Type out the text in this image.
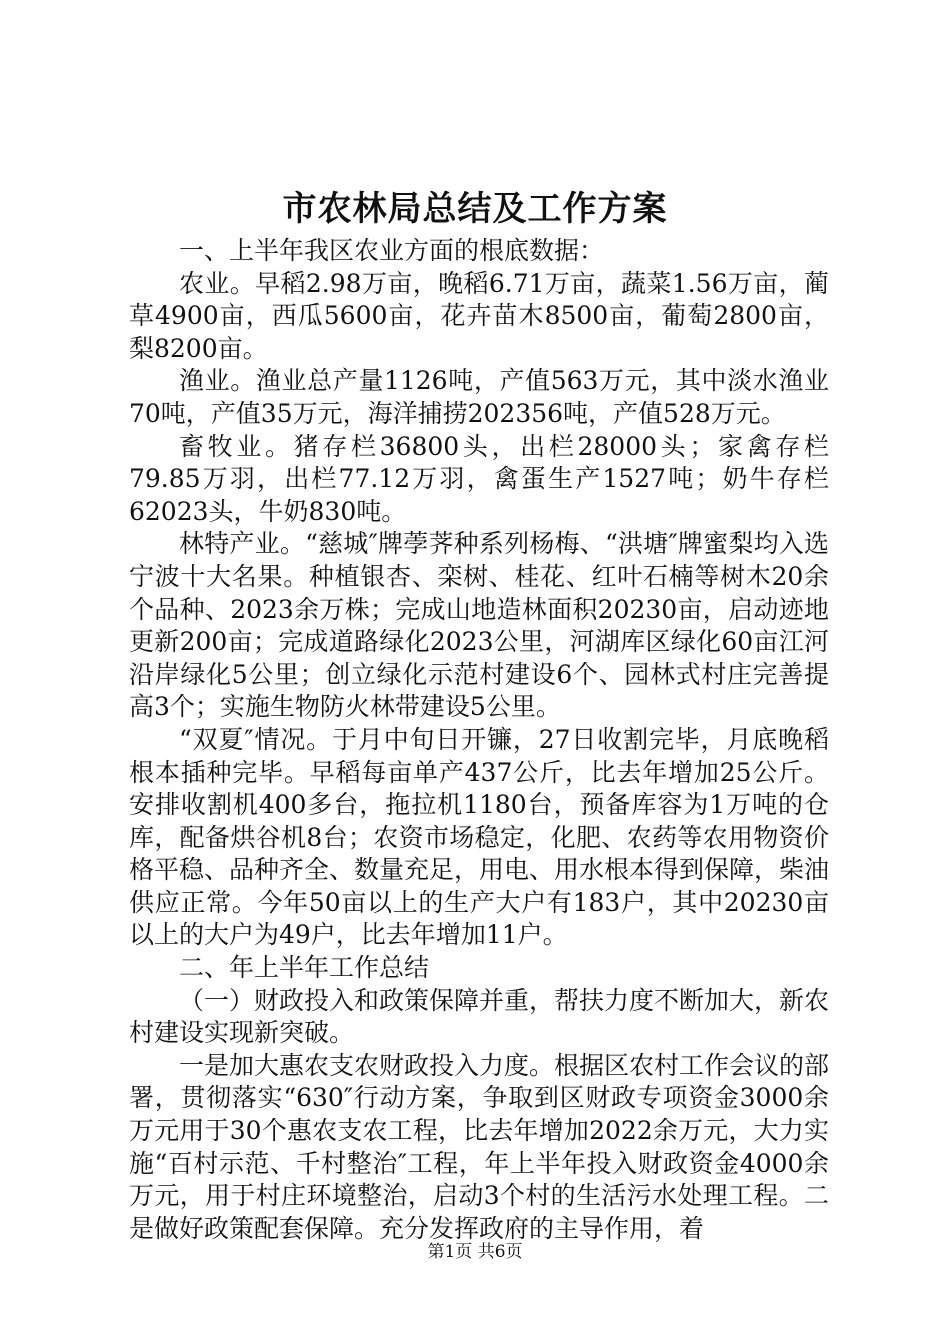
市农林局总结及工作方案

一、上半年我区农业方面的根底数据：

农业。早稻2.98万亩，晚稻6.71万亩，蔬菜1.56万亩，蔺草4900亩，西瓜5600亩，花卉苗木8500亩，葡萄2800亩，梨8200亩。

渔业。渔业总产量1126吨，产值563万元，其中淡水渔业70吨，产值35万元，海洋捕捞202356吨，产值528万元。

畜牧业。猪存栏36800头，出栏28000头；家禽存栏79.85万羽，出栏77.12万羽，禽蛋生产1527吨；奶牛存栏62023头，牛奶830吨。

林特产业。“慈城″牌荸荠种系列杨梅、“洪塘″牌蜜梨均入选宁波十大名果。种植银杏、栾树、桂花、红叶石楠等树木20余个品种、2023余万株；完成山地造林面积20230亩，启动迹地更新200亩；完成道路绿化2023公里，河湖库区绿化60亩江河沿岸绿化5公里；创立绿化示范村建设6个、园林式村庄完善提高3个；实施生物防火林带建设5公里。

“双夏″情况。于月中旬日开镰，27日收割完毕，月底晚稻根本插种完毕。早稻每亩单产437公斤，比去年增加25公斤。安排收割机400多台，拖拉机1180台，预备库容为1万吨的仓库，配备烘谷机8台；农资市场稳定，化肥、农药等农用物资价格平稳、品种齐全、数量充足，用电、用水根本得到保障，柴油供应正常。今年50亩以上的生产大户有183户，其中20230亩以上的大户为49户，比去年增加11户。

二、年上半年工作总结

（一）财政投入和政策保障并重，帮扶力度不断加大，新农村建设实现新突破。

一是加大惠农支农财政投入力度。根据区农村工作会议的部署，贯彻落实“630″行动方案，争取到区财政专项资金3000余万元用于30个惠农支农工程，比去年增加2022余万元，大力实施“百村示范、千村整治″工程，年上半年投入财政资金4000余万元，用于村庄环境整治，启动3个村的生活污水处理工程。二是做好政策配套保障。充分发挥政府的主导作用，着

第1页 共6页
